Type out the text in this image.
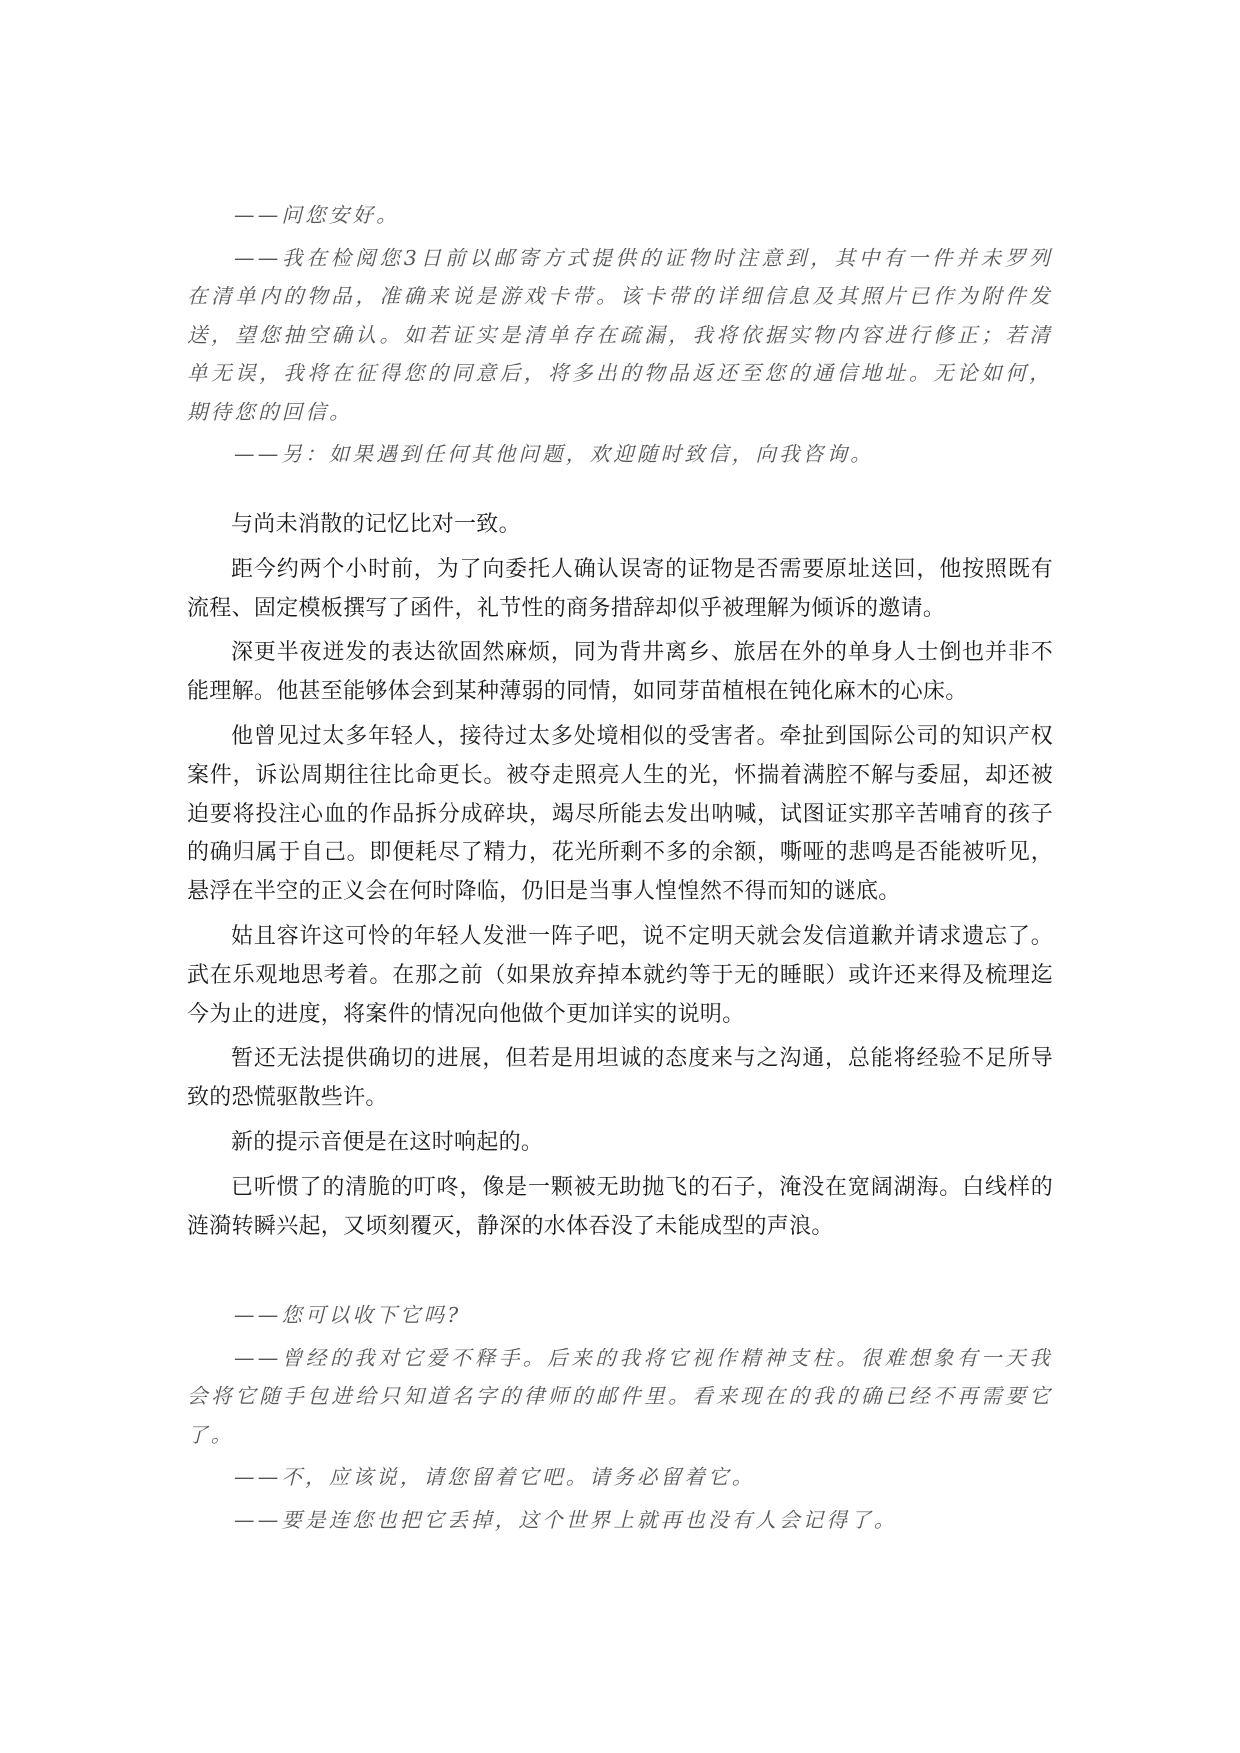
——问您安好。

——我在检阅您3日前以邮寄方式提供的证物时注意到，其中有一件并未罗列在清单内的物品，准确来说是游戏卡带。该卡带的详细信息及其照片已作为附件发送，望您抽空确认。如若证实是清单存在疏漏，我将依据实物内容进行修正；若清单无误，我将在征得您的同意后，将多出的物品返还至您的通信地址。无论如何，期待您的回信。

——另：如果遇到任何其他问题，欢迎随时致信，向我咨询。

与尚未消散的记忆比对一致。

距今约两个小时前，为了向委托人确认误寄的证物是否需要原址送回，他按照既有流程、固定模板撰写了函件，礼节性的商务措辞却似乎被理解为倾诉的邀请。

深更半夜迸发的表达欲固然麻烦，同为背井离乡、旅居在外的单身人士倒也并非不能理解。他甚至能够体会到某种薄弱的同情，如同芽苗植根在钝化麻木的心床。

他曾见过太多年轻人，接待过太多处境相似的受害者。牵扯到国际公司的知识产权案件，诉讼周期往往比命更长。被夺走照亮人生的光，怀揣着满腔不解与委屈，却还被迫要将投注心血的作品拆分成碎块，竭尽所能去发出呐喊，试图证实那辛苦哺育的孩子的确归属于自己。即便耗尽了精力，花光所剩不多的余额，嘶哑的悲鸣是否能被听见，悬浮在半空的正义会在何时降临，仍旧是当事人惶惶然不得而知的谜底。

姑且容许这可怜的年轻人发泄一阵子吧，说不定明天就会发信道歉并请求遗忘了。武在乐观地思考着。在那之前（如果放弃掉本就约等于无的睡眠）或许还来得及梳理迄今为止的进度，将案件的情况向他做个更加详实的说明。

暂还无法提供确切的进展，但若是用坦诚的态度来与之沟通，总能将经验不足所导致的恐慌驱散些许。

新的提示音便是在这时响起的。

已听惯了的清脆的叮咚，像是一颗被无助抛飞的石子，淹没在宽阔湖海。白线样的涟漪转瞬兴起，又顷刻覆灭，静深的水体吞没了未能成型的声浪。

——您可以收下它吗?

——曾经的我对它爱不释手。后来的我将它视作精神支柱。很难想象有一天我会将它随手包进给只知道名字的律师的邮件里。看来现在的我的确已经不再需要它了。

——不，应该说，请您留着它吧。请务必留着它。

——要是连您也把它丢掉，这个世界上就再也没有人会记得了。
